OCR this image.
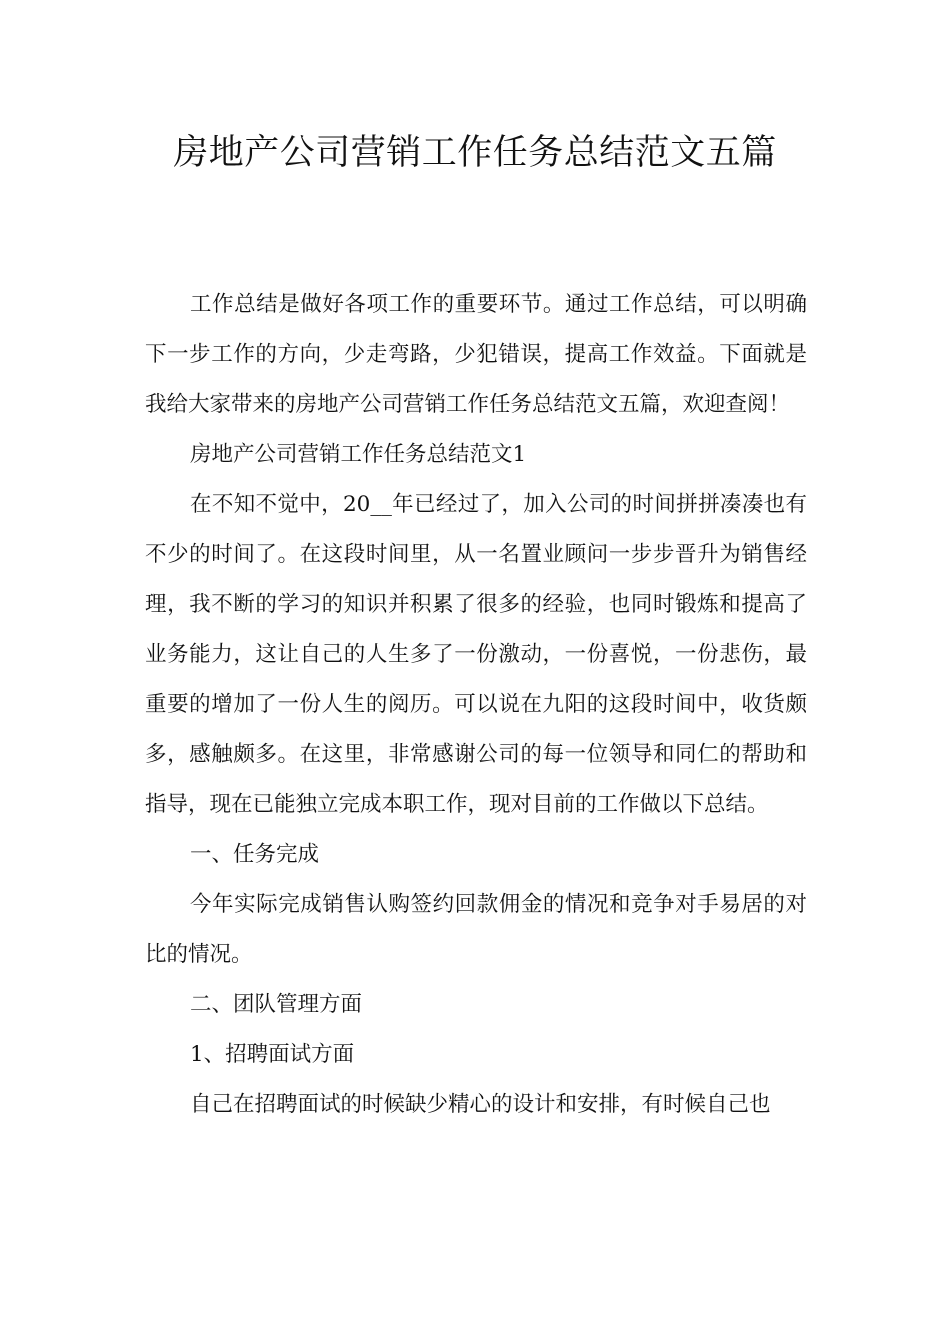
房地产公司营销工作任务总结范文五篇

工作总结是做好各项工作的重要环节。通过工作总结，可以明确下一步工作的方向，少走弯路，少犯错误，提高工作效益。下面就是我给大家带来的房地产公司营销工作任务总结范文五篇，欢迎查阅！

房地产公司营销工作任务总结范文1

在不知不觉中，20__年已经过了，加入公司的时间拼拼凑凑也有不少的时间了。在这段时间里，从一名置业顾问一步步晋升为销售经理，我不断的学习的知识并积累了很多的经验，也同时锻炼和提高了业务能力，这让自己的人生多了一份激动，一份喜悦，一份悲伤，最重要的增加了一份人生的阅历。可以说在九阳的这段时间中，收货颇多，感触颇多。在这里，非常感谢公司的每一位领导和同仁的帮助和指导，现在已能独立完成本职工作，现对目前的工作做以下总结。

一、任务完成

今年实际完成销售认购签约回款佣金的情况和竞争对手易居的对比的情况。

二、团队管理方面

1、招聘面试方面

自己在招聘面试的时候缺少精心的设计和安排，有时候自己也
